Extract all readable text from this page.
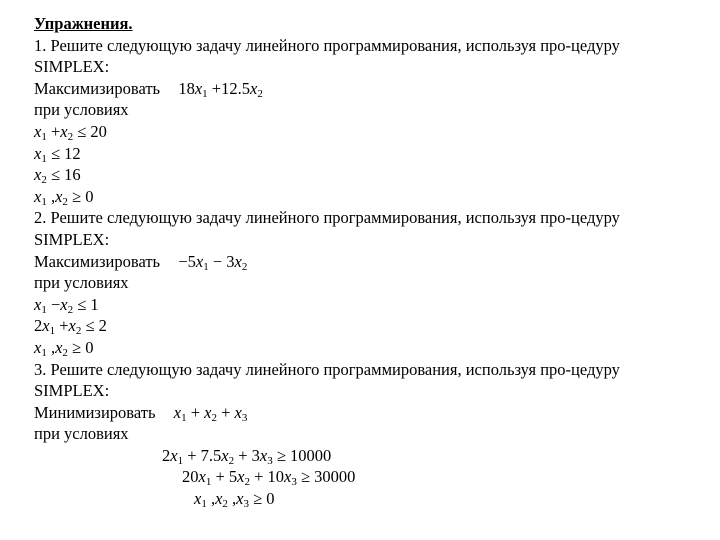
Упражнения.
1. Решите следующую задачу линейного программирования, используя про-цедуру
SIMPLEX:
Максимизировать $18x_1 +12.5x_2$
при условиях
$x_1 +x_2 \le 20$
$x_1 \le 12$
$x_2 \le 16$
$x_1$ $,x_2 \ge 0$
2. Решите следующую задачу линейного программирования, используя про-цедуру
SIMPLEX:
Максимизировать $-5x_1 - 3x_2$
при условиях
$x_1 -x_2 \le 1$
$2x_1 +x_2 \le 2$
$x_1$ $,x_2 \ge 0$
3. Решите следующую задачу линейного программирования, используя про-цедуру
SIMPLEX:
Минимизировать $x_1 + x_2 + x_3$
при условиях
$2x_1 + 7.5x_2 + 3x_3 \ge 10000$
$20x_1 + 5x_2 + 10x_3 \ge 30000$
$x_1$ $,x_2$ $,x_3 \ge 0$
